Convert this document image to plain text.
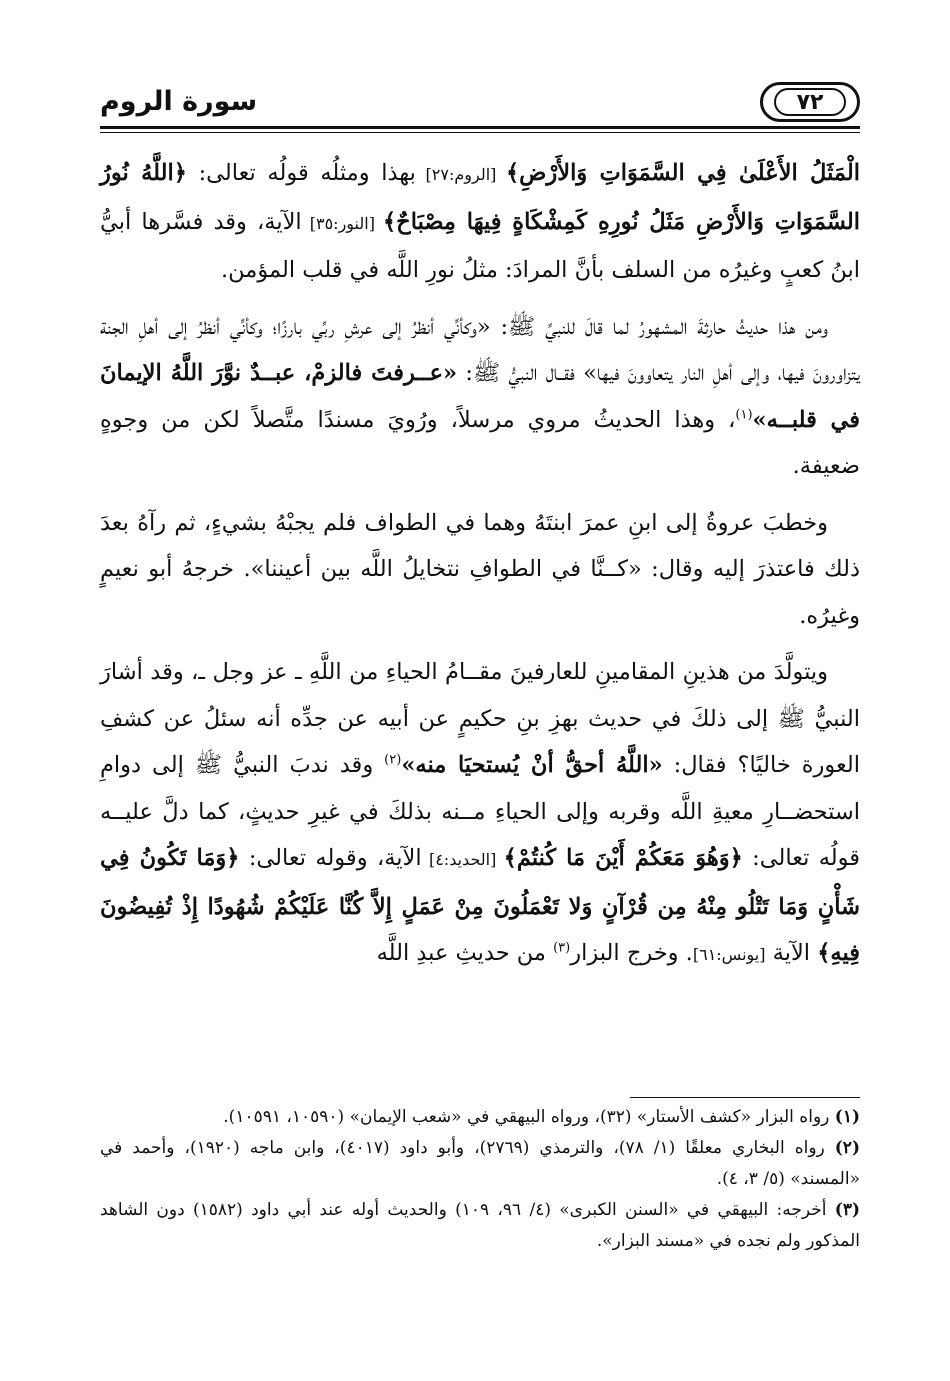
٧٢
سورة الروم

الْمَثَلُ الأَعْلَىٰ فِي السَّمَوَاتِ وَالأَرْضِ﴾ [الروم:٢٧] بهذا ومثلُه قولُه تعالى: ﴿اللَّهُ نُورُ السَّمَوَاتِ وَالأَرْضِ مَثَلُ نُورِهِ كَمِشْكَاةٍ فِيهَا مِصْبَاحٌ﴾ [النور:٣٥] الآية، وقد فسَّرها أبيُّ ابنُ كعبٍ وغيرُه من السلف بأنَّ المرادَ: مثلُ نورِ اللَّه في قلب المؤمن.

ومن هذا حديثُ حارثةَ المشهورُ لما قالَ للنبيِّ ﷺ: «وكأنِّي أنظرُ إلى عرشِ ربِّي بارزًا؛ وكأنِّي أنظرُ إلى أهلِ الجنة يتزاورونَ فيها، وإلى أهلِ النار يتعاوونَ فيها» فقــال النبيُّ ﷺ: «عــرفتَ فالزمْ، عبــدٌ نوَّرَ اللَّهُ الإيمانَ في قلبــه»$^{(١)}$، وهذا الحديثُ مروي مرسلاً، ورُويَ مسندًا متَّصلاً لكن من وجوهٍ ضعيفة.

وخطبَ عروةُ إلى ابنِ عمرَ ابنتَهُ وهما في الطواف فلم يجبْهُ بشيءٍ، ثم رآهُ بعدَ ذلك فاعتذرَ إليه وقال: «كــنَّا في الطوافِ نتخايلُ اللَّه بين أعيننا». خرجهُ أبو نعيمٍ وغيرُه.

ويتولَّدَ من هذينِ المقامينِ للعارفينَ مقــامُ الحياءِ من اللَّهِ ـ عز وجل ـ، وقد أشارَ النبيُّ ﷺ إلى ذلكَ في حديث بهزِ بنِ حكيمٍ عن أبيه عن جدِّه أنه سئلُ عن كشفِ العورة خاليًا؟ فقال: «اللَّهُ أحقُّ أنْ يُستحيَا منه»$^{(٢)}$ وقد ندبَ النبيُّ ﷺ إلى دوامِ استحضــارِ معيةِ اللَّه وقربه وإلى الحياءِ مــنه بذلكَ في غيرِ حديثٍ، كما دلَّ عليــه قولُه تعالى: ﴿وَهُوَ مَعَكُمْ أَيْنَ مَا كُنتُمْ﴾ [الحديد:٤] الآية، وقوله تعالى: ﴿وَمَا تَكُونُ فِي شَأْنٍ وَمَا تَتْلُو مِنْهُ مِن قُرْآنٍ وَلا تَعْمَلُونَ مِنْ عَمَلٍ إِلاَّ كُنَّا عَلَيْكُمْ شُهُودًا إِذْ تُفِيضُونَ فِيهِ﴾ الآية [يونس:٦١]. وخرج البزار$^{(٣)}$ من حديثِ عبدِ اللَّه

(١) رواه البزار «كشف الأستار» (٣٢)، ورواه البيهقي في «شعب الإيمان» (١٠٥٩٠، ١٠٥٩١).

(٢) رواه البخاري معلقًا (١/ ٧٨)، والترمذي (٢٧٦٩)، وأبو داود (٤٠١٧)، وابن ماجه (١٩٢٠)، وأحمد في «المسند» (٥/ ٣، ٤).

(٣) أخرجه: البيهقي في «السنن الكبرى» (٤/ ٩٦، ١٠٩) والحديث أوله عند أبي داود (١٥٨٢) دون الشاهد المذكور ولم نجده في «مسند البزار».
